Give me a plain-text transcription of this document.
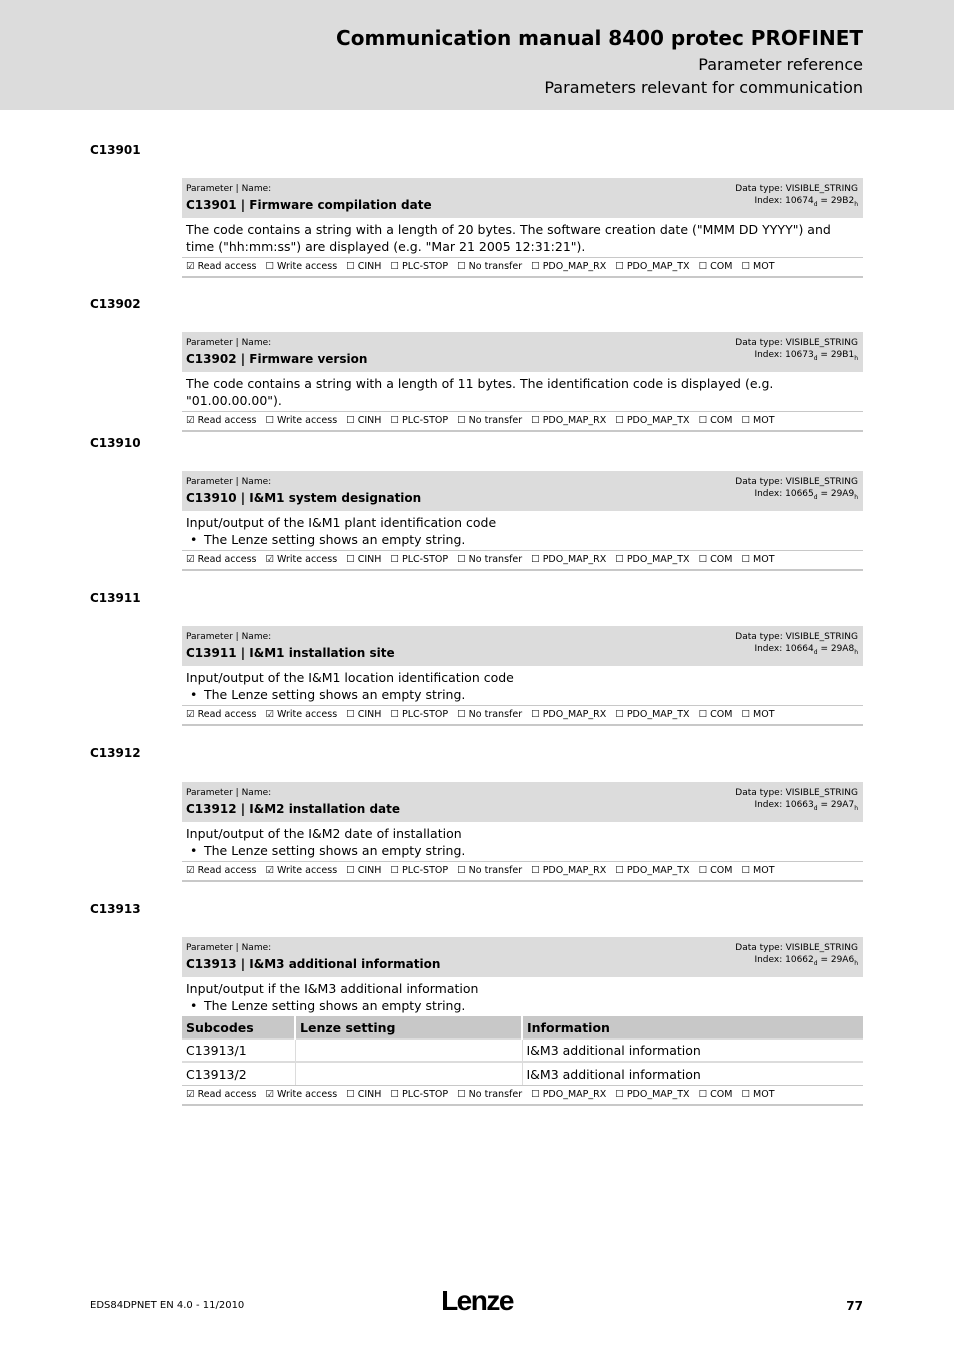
Communication manual 8400 protec PROFINET
Parameter reference
Parameters relevant for communication
C13901
Parameter | Name:
C13901 | Firmware compilation date
Data type: VISIBLE_STRING
Index: $10674_d = 29B2_h$
The code contains a string with a length of 20 bytes. The software creation date ("MMM DD YYYY") and time ("hh:mm:ss") are displayed (e.g. "Mar 21 2005 12:31:21").
☑ Read access ☐ Write access ☐ CINH ☐ PLC-STOP ☐ No transfer ☐ PDO_MAP_RX ☐ PDO_MAP_TX ☐ COM ☐ MOT
C13902
Parameter | Name:
C13902 | Firmware version
Data type: VISIBLE_STRING
Index: $10673_d = 29B1_h$
The code contains a string with a length of 11 bytes. The identification code is displayed (e.g. "01.00.00.00").
☑ Read access ☐ Write access ☐ CINH ☐ PLC-STOP ☐ No transfer ☐ PDO_MAP_RX ☐ PDO_MAP_TX ☐ COM ☐ MOT
C13910
Parameter | Name:
C13910 | I&M1 system designation
Data type: VISIBLE_STRING
Index: $10665_d = 29A9_h$
Input/output of the I&M1 plant identification code
• The Lenze setting shows an empty string.
☑ Read access ☑ Write access ☐ CINH ☐ PLC-STOP ☐ No transfer ☐ PDO_MAP_RX ☐ PDO_MAP_TX ☐ COM ☐ MOT
C13911
Parameter | Name:
C13911 | I&M1 installation site
Data type: VISIBLE_STRING
Index: $10664_d = 29A8_h$
Input/output of the I&M1 location identification code
• The Lenze setting shows an empty string.
☑ Read access ☑ Write access ☐ CINH ☐ PLC-STOP ☐ No transfer ☐ PDO_MAP_RX ☐ PDO_MAP_TX ☐ COM ☐ MOT
C13912
Parameter | Name:
C13912 | I&M2 installation date
Data type: VISIBLE_STRING
Index: $10663_d = 29A7_h$
Input/output of the I&M2 date of installation
• The Lenze setting shows an empty string.
☑ Read access ☑ Write access ☐ CINH ☐ PLC-STOP ☐ No transfer ☐ PDO_MAP_RX ☐ PDO_MAP_TX ☐ COM ☐ MOT
C13913
Parameter | Name:
C13913 | I&M3 additional information
Data type: VISIBLE_STRING
Index: $10662_d = 29A6_h$
Input/output if the I&M3 additional information
• The Lenze setting shows an empty string.
Subcodes	Lenze setting	Information
C13913/1		I&M3 additional information
C13913/2		I&M3 additional information
☑ Read access ☑ Write access ☐ CINH ☐ PLC-STOP ☐ No transfer ☐ PDO_MAP_RX ☐ PDO_MAP_TX ☐ COM ☐ MOT
EDS84DPNET EN 4.0 - 11/2010	Lenze	77
